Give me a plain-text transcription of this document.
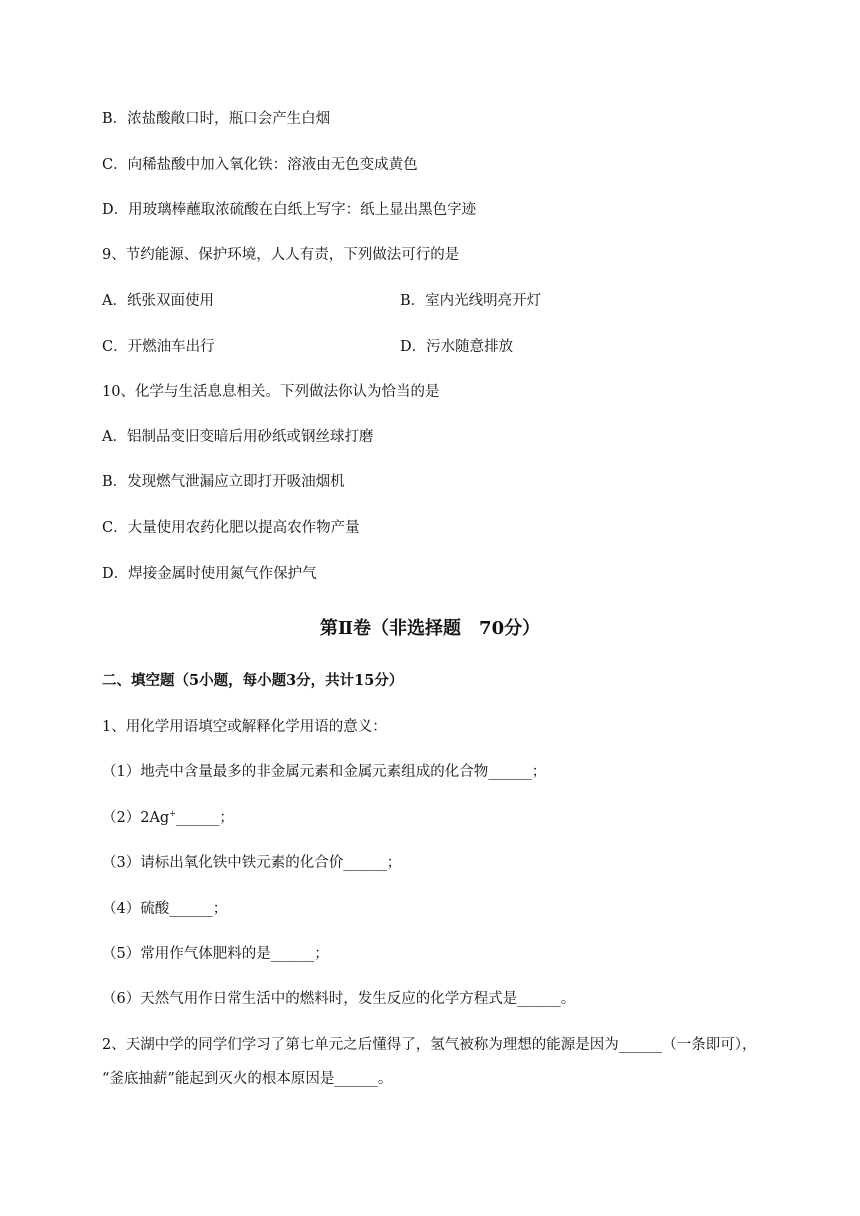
B．浓盐酸敞口时，瓶口会产生白烟
C．向稀盐酸中加入氧化铁：溶液由无色变成黄色
D．用玻璃棒蘸取浓硫酸在白纸上写字：纸上显出黑色字迹
9、节约能源、保护环境，人人有责，下列做法可行的是
A．纸张双面使用	B．室内光线明亮开灯
C．开燃油车出行	D．污水随意排放
10、化学与生活息息相关。下列做法你认为恰当的是
A．铝制品变旧变暗后用砂纸或钢丝球打磨
B．发现燃气泄漏应立即打开吸油烟机
C．大量使用农药化肥以提高农作物产量
D．焊接金属时使用氮气作保护气
第Ⅱ卷（非选择题　70分）
二、填空题（5小题，每小题3分，共计15分）
1、用化学用语填空或解释化学用语的意义：
（1）地壳中含量最多的非金属元素和金属元素组成的化合物______；
（2）2Ag+______；
（3）请标出氧化铁中铁元素的化合价______；
（4）硫酸______；
（5）常用作气体肥料的是______；
（6）天然气用作日常生活中的燃料时，发生反应的化学方程式是______。
2、天湖中学的同学们学习了第七单元之后懂得了，氢气被称为理想的能源是因为______（一条即可），
“釜底抽薪”能起到灭火的根本原因是______。
